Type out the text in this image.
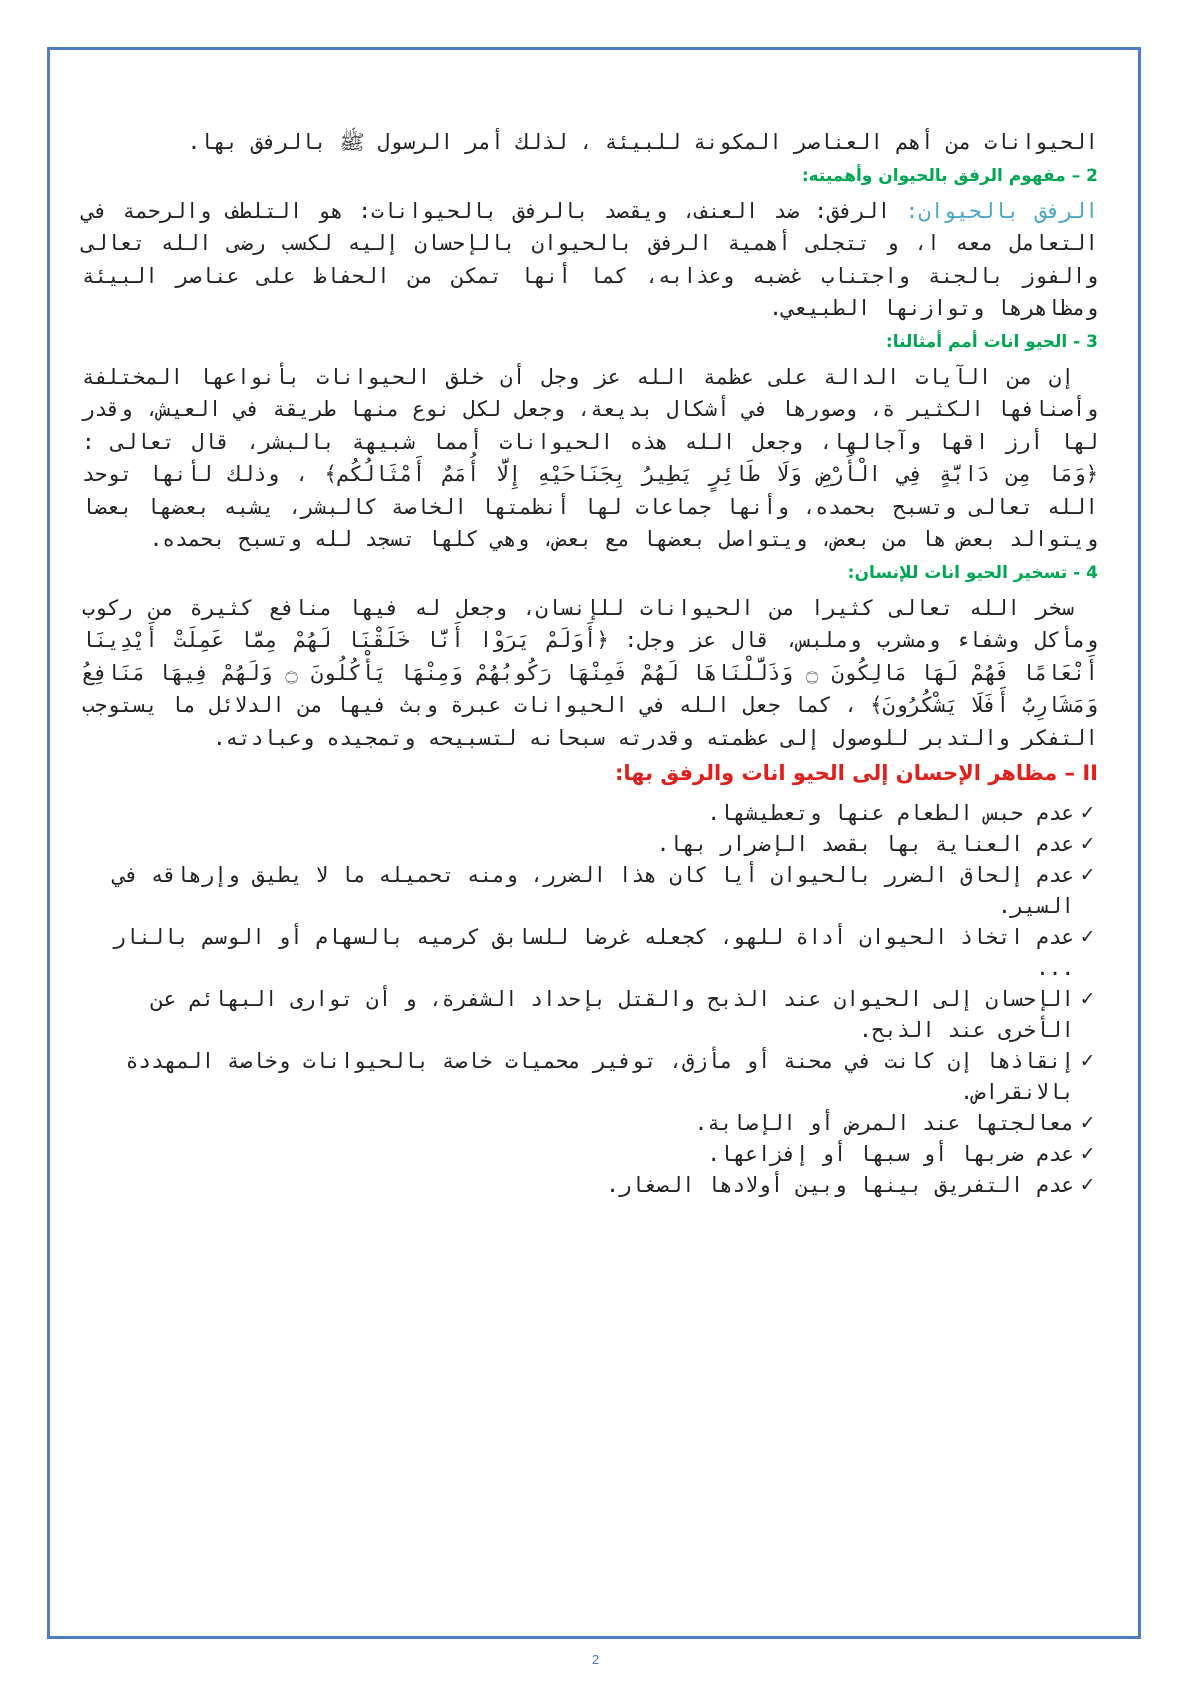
الحيوانات من أهم العناصر المكونة للبيئة ، لذلك أمر الرسول ﷺ بالرفق بها.

2 – مفهوم الرفق بالحيوان وأهميته:

الرفق بالحيوان: الرفق: ضد العنف، ويقصد بالرفق بالحيوانات: هو التلطف والرحمة في التعامل معه ا، و تتجلى أهمية الرفق بالحيوان بالإحسان إليه لكسب رضى الله تعالى والفوز بالجنة واجتناب غضبه وعذابه، كما أنها تمكن من الحفاظ على عناصر البيئة ومظاهرها وتوازنها الطبيعي.

3 - الحيو انات أمم أمثالنا:

إن من الآيات الدالة على عظمة الله عز وجل أن خلق الحيوانات بأنواعها المختلفة وأصنافها الكثير ة، وصورها في أشكال بديعة، وجعل لكل نوع منها طريقة في العيش، وقدر لها أرز اقها وآجالها، وجعل الله هذه الحيوانات أمما شبيهة بالبشر، قال تعالى : ﴿وَمَا مِن دَابَّةٍ فِي الْأَرْضِ وَلَا طَائِرٍ يَطِيرُ بِجَنَاحَيْهِ إِلَّا أُمَمٌ أَمْثَالُكُم﴾ ، وذلك لأنها توحد الله تعالى وتسبح بحمده، وأنها جماعات لها أنظمتها الخاصة كالبشر، يشبه بعضها بعضا ويتوالد بعض ها من بعض، ويتواصل بعضها مع بعض، وهي كلها تسجد لله وتسبح بحمده.

4 - تسخير الحيو انات للإنسان:

سخر الله تعالى كثيرا من الحيوانات للإنسان، وجعل له فيها منافع كثيرة من ركوب ومأكل وشفاء ومشرب وملبس، قال عز وجل: ﴿أَوَلَمْ يَرَوْا أَنَّا خَلَقْنَا لَهُمْ مِمَّا عَمِلَتْ أَيْدِينَا أَنْعَامًا فَهُمْ لَهَا مَالِكُونَ ۝ وَذَلَّلْنَاهَا لَهُمْ فَمِنْهَا رَكُوبُهُمْ وَمِنْهَا يَأْكُلُونَ ۝ وَلَهُمْ فِيهَا مَنَافِعُ وَمَشَارِبُ أَفَلَا يَشْكُرُونَ﴾ ، كما جعل الله في الحيوانات عبرة وبث فيها من الدلائل ما يستوجب التفكر والتدبر للوصول إلى عظمته وقدرته سبحانه لتسبيحه وتمجيده وعبادته.

II – مظاهر الإحسان إلى الحيو انات والرفق بها:
✓
عدم حبس الطعام عنها وتعطيشها.
✓
عدم العناية بها بقصد الإضرار بها.
✓
عدم إلحاق الضرر بالحيوان أيا كان هذا الضرر، ومنه تحميله ما لا يطيق وإرهاقه في السير.
✓
عدم اتخاذ الحيوان أداة للهو، كجعله غرضا للسابق كرميه بالسهام أو الوسم بالنار ...
✓
الإحسان إلى الحيوان عند الذبح والقتل بإحداد الشفرة، و أن توارى البهائم عن الأخرى عند الذبح.
✓
إنقاذها إن كانت في محنة أو مأزق، توفير محميات خاصة بالحيوانات وخاصة المهددة بالانقراض.
✓
معالجتها عند المرض أو الإصابة.
✓
عدم ضربها أو سبها أو إفزاعها.
✓
عدم التفريق بينها وبين أولادها الصغار.
2
